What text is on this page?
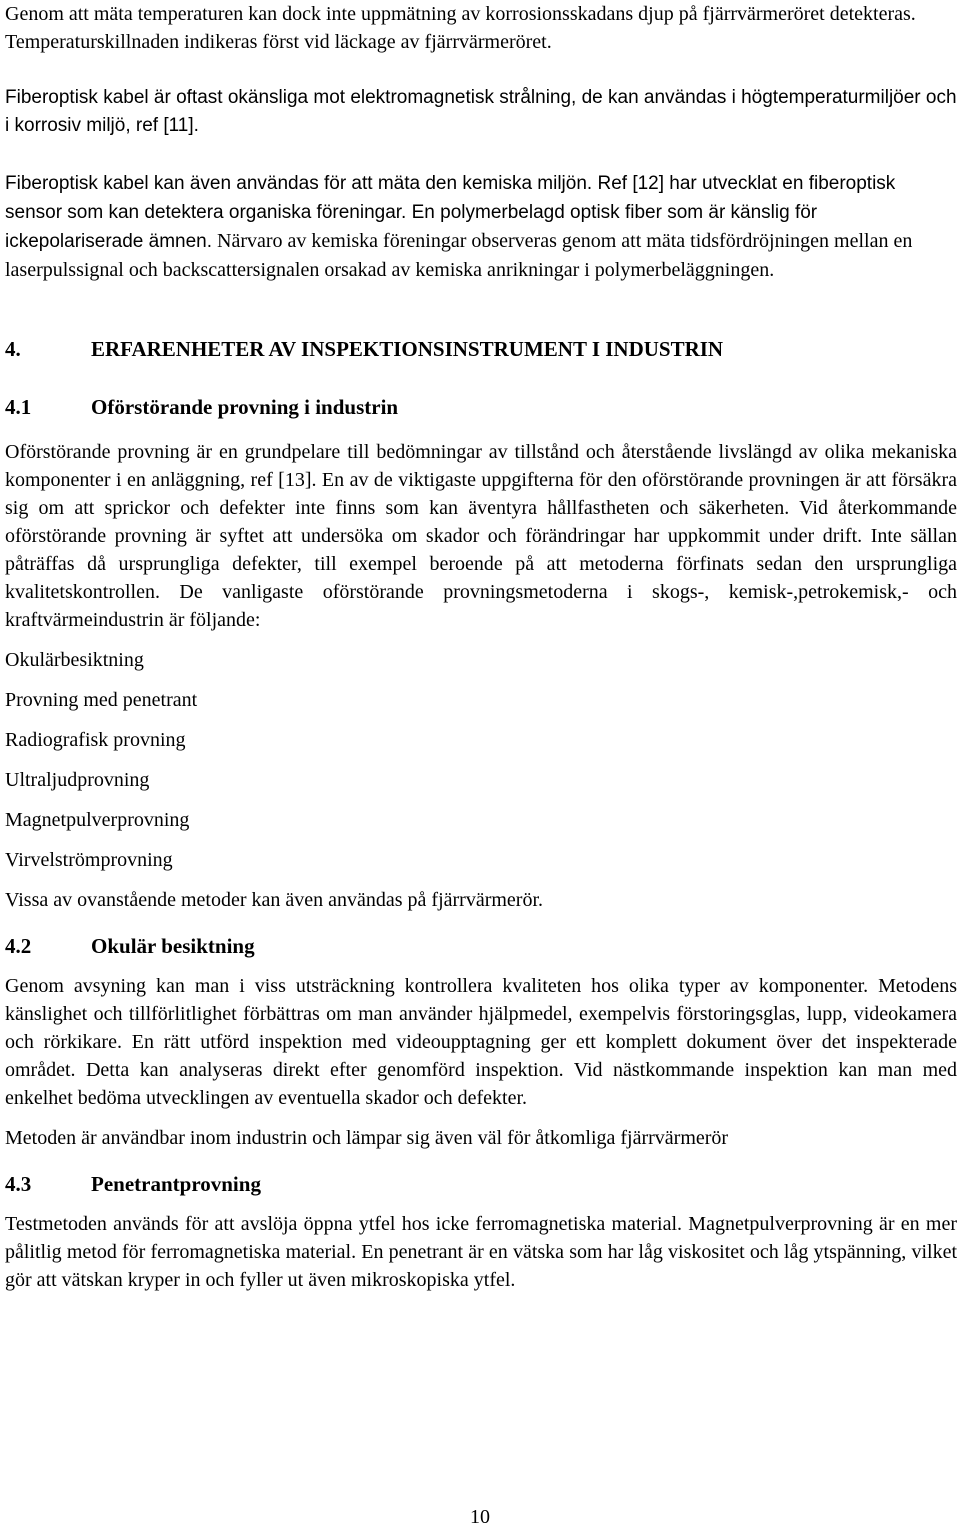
Genom att mäta temperaturen kan dock inte uppmätning av korrosionsskadans djup på fjärrvärmeröret detekteras. Temperaturskillnaden indikeras först vid läckage av fjärrvärmeröret.

Fiberoptisk kabel är oftast okänsliga mot elektromagnetisk strålning, de kan användas i högtemperaturmiljöer och i korrosiv miljö, ref [11].

Fiberoptisk kabel kan även användas för att mäta den kemiska miljön. Ref [12] har utvecklat en fiberoptisk sensor som kan detektera organiska föreningar. En polymerbelagd optisk fiber som är känslig för ickepolariserade ämnen. Närvaro av kemiska föreningar observeras genom att mäta tidsfördröjningen mellan en laserpulssignal och backscattersignalen orsakad av kemiska anrikningar i polymerbeläggningen.

4.	ERFARENHETER AV INSPEKTIONSINSTRUMENT I INDUSTRIN
4.1	Oförstörande provning i industrin

Oförstörande provning är en grundpelare till bedömningar av tillstånd och återstående livslängd av olika mekaniska komponenter i en anläggning, ref [13]. En av de viktigaste uppgifterna för den oförstörande provningen är att försäkra sig om att sprickor och defekter inte finns som kan äventyra hållfastheten och säkerheten. Vid återkommande oförstörande provning är syftet att undersöka om skador och förändringar har uppkommit under drift. Inte sällan påträffas då ursprungliga defekter, till exempel beroende på att metoderna förfinats sedan den ursprungliga kvalitetskontrollen. De vanligaste oförstörande provningsmetoderna i skogs-, kemisk-,petrokemisk,- och kraftvärmeindustrin är följande:

Okulärbesiktning

Provning med penetrant

Radiografisk provning

Ultraljudprovning

Magnetpulverprovning

Virvelströmprovning

Vissa av ovanstående metoder kan även användas på fjärrvärmerör.

4.2	Okulär besiktning

Genom avsyning kan man i viss utsträckning kontrollera kvaliteten hos olika typer av komponenter. Metodens känslighet och tillförlitlighet förbättras om man använder hjälpmedel, exempelvis förstoringsglas, lupp, videokamera och rörkikare. En rätt utförd inspektion med videoupptagning ger ett komplett dokument över det inspekterade området. Detta kan analyseras direkt efter genomförd inspektion. Vid nästkommande inspektion kan man med enkelhet bedöma utvecklingen av eventuella skador och defekter.

Metoden är användbar inom industrin och lämpar sig även väl för åtkomliga fjärrvärmerör

4.3	Penetrantprovning

Testmetoden används för att avslöja öppna ytfel hos icke ferromagnetiska material. Magnetpulverprovning är en mer pålitlig metod för ferromagnetiska material. En penetrant är en vätska som har låg viskositet och låg ytspänning, vilket gör att vätskan kryper in och fyller ut även mikroskopiska ytfel.

10
